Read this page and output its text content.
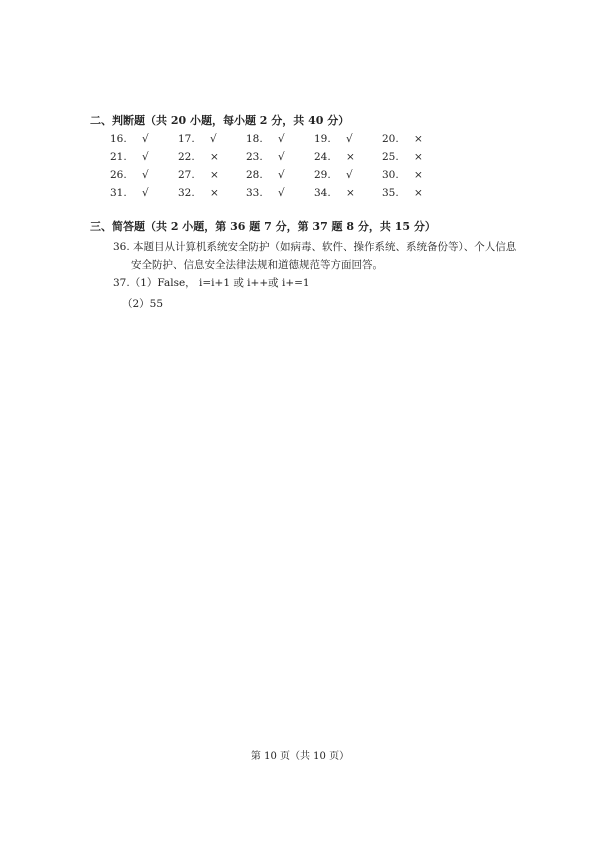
二、判断题（共 20 小题，每小题 2 分，共 40 分）
16. √	17. √	18. √	19. √	20. ×
21. √	22. ×	23. √	24. ×	25. ×
26. √	27. ×	28. √	29. √	30. ×
31. √	32. ×	33. √	34. ×	35. ×
三、简答题（共 2 小题，第 36 题 7 分，第 37 题 8 分，共 15 分）
36. 本题目从计算机系统安全防护（如病毒、软件、操作系统、系统备份等）、个人信息
安全防护、信息安全法律法规和道德规范等方面回答。
37.（1）False， i=i+1 或 i++或 i+=1
（2）55
第 10 页（共 10 页）
